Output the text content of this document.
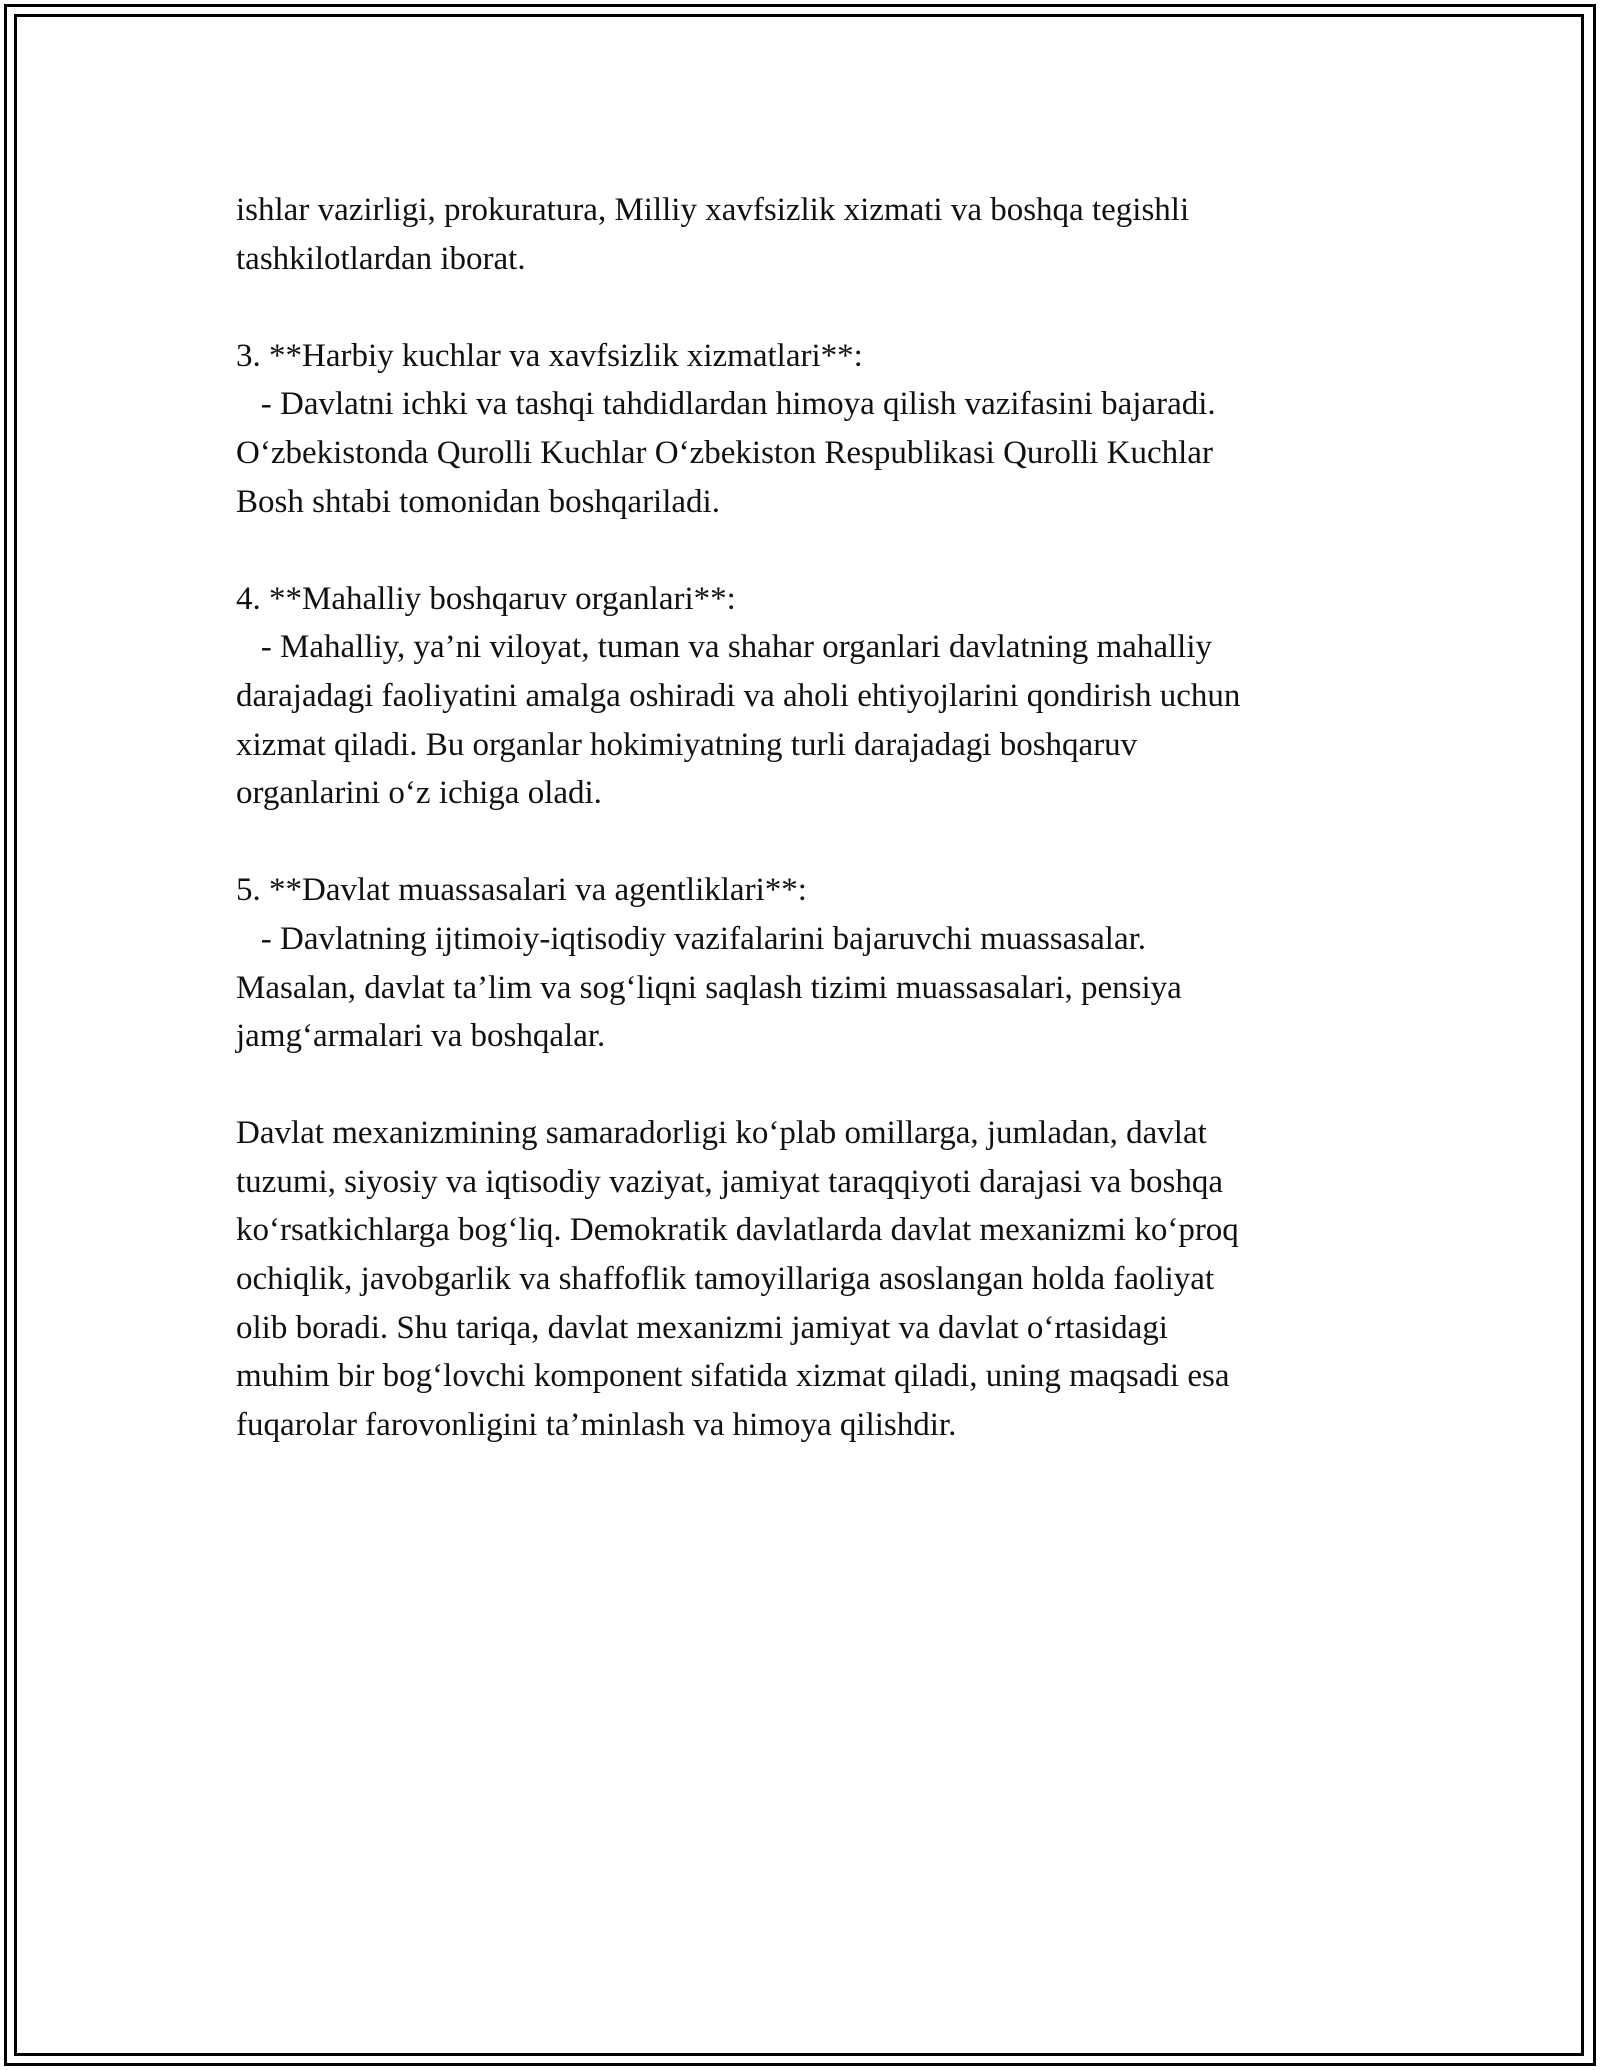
ishlar vazirligi, prokuratura, Milliy xavfsizlik xizmati va boshqa tegishli
tashkilotlardan iborat.

3. **Harbiy kuchlar va xavfsizlik xizmatlari**:
- Davlatni ichki va tashqi tahdidlardan himoya qilish vazifasini bajaradi.
O‘zbekistonda Qurolli Kuchlar O‘zbekiston Respublikasi Qurolli Kuchlar
Bosh shtabi tomonidan boshqariladi.
4. **Mahalliy boshqaruv organlari**:
- Mahalliy, ya’ni viloyat, tuman va shahar organlari davlatning mahalliy
darajadagi faoliyatini amalga oshiradi va aholi ehtiyojlarini qondirish uchun
xizmat qiladi. Bu organlar hokimiyatning turli darajadagi boshqaruv
organlarini o‘z ichiga oladi.
5. **Davlat muassasalari va agentliklari**:
- Davlatning ijtimoiy-iqtisodiy vazifalarini bajaruvchi muassasalar.
Masalan, davlat ta’lim va sog‘liqni saqlash tizimi muassasalari, pensiya
jamg‘armalari va boshqalar.

Davlat mexanizmining samaradorligi ko‘plab omillarga, jumladan, davlat
tuzumi, siyosiy va iqtisodiy vaziyat, jamiyat taraqqiyoti darajasi va boshqa
ko‘rsatkichlarga bog‘liq. Demokratik davlatlarda davlat mexanizmi ko‘proq
ochiqlik, javobgarlik va shaffoflik tamoyillariga asoslangan holda faoliyat
olib boradi. Shu tariqa, davlat mexanizmi jamiyat va davlat o‘rtasidagi
muhim bir bog‘lovchi komponent sifatida xizmat qiladi, uning maqsadi esa
fuqarolar farovonligini ta’minlash va himoya qilishdir.
